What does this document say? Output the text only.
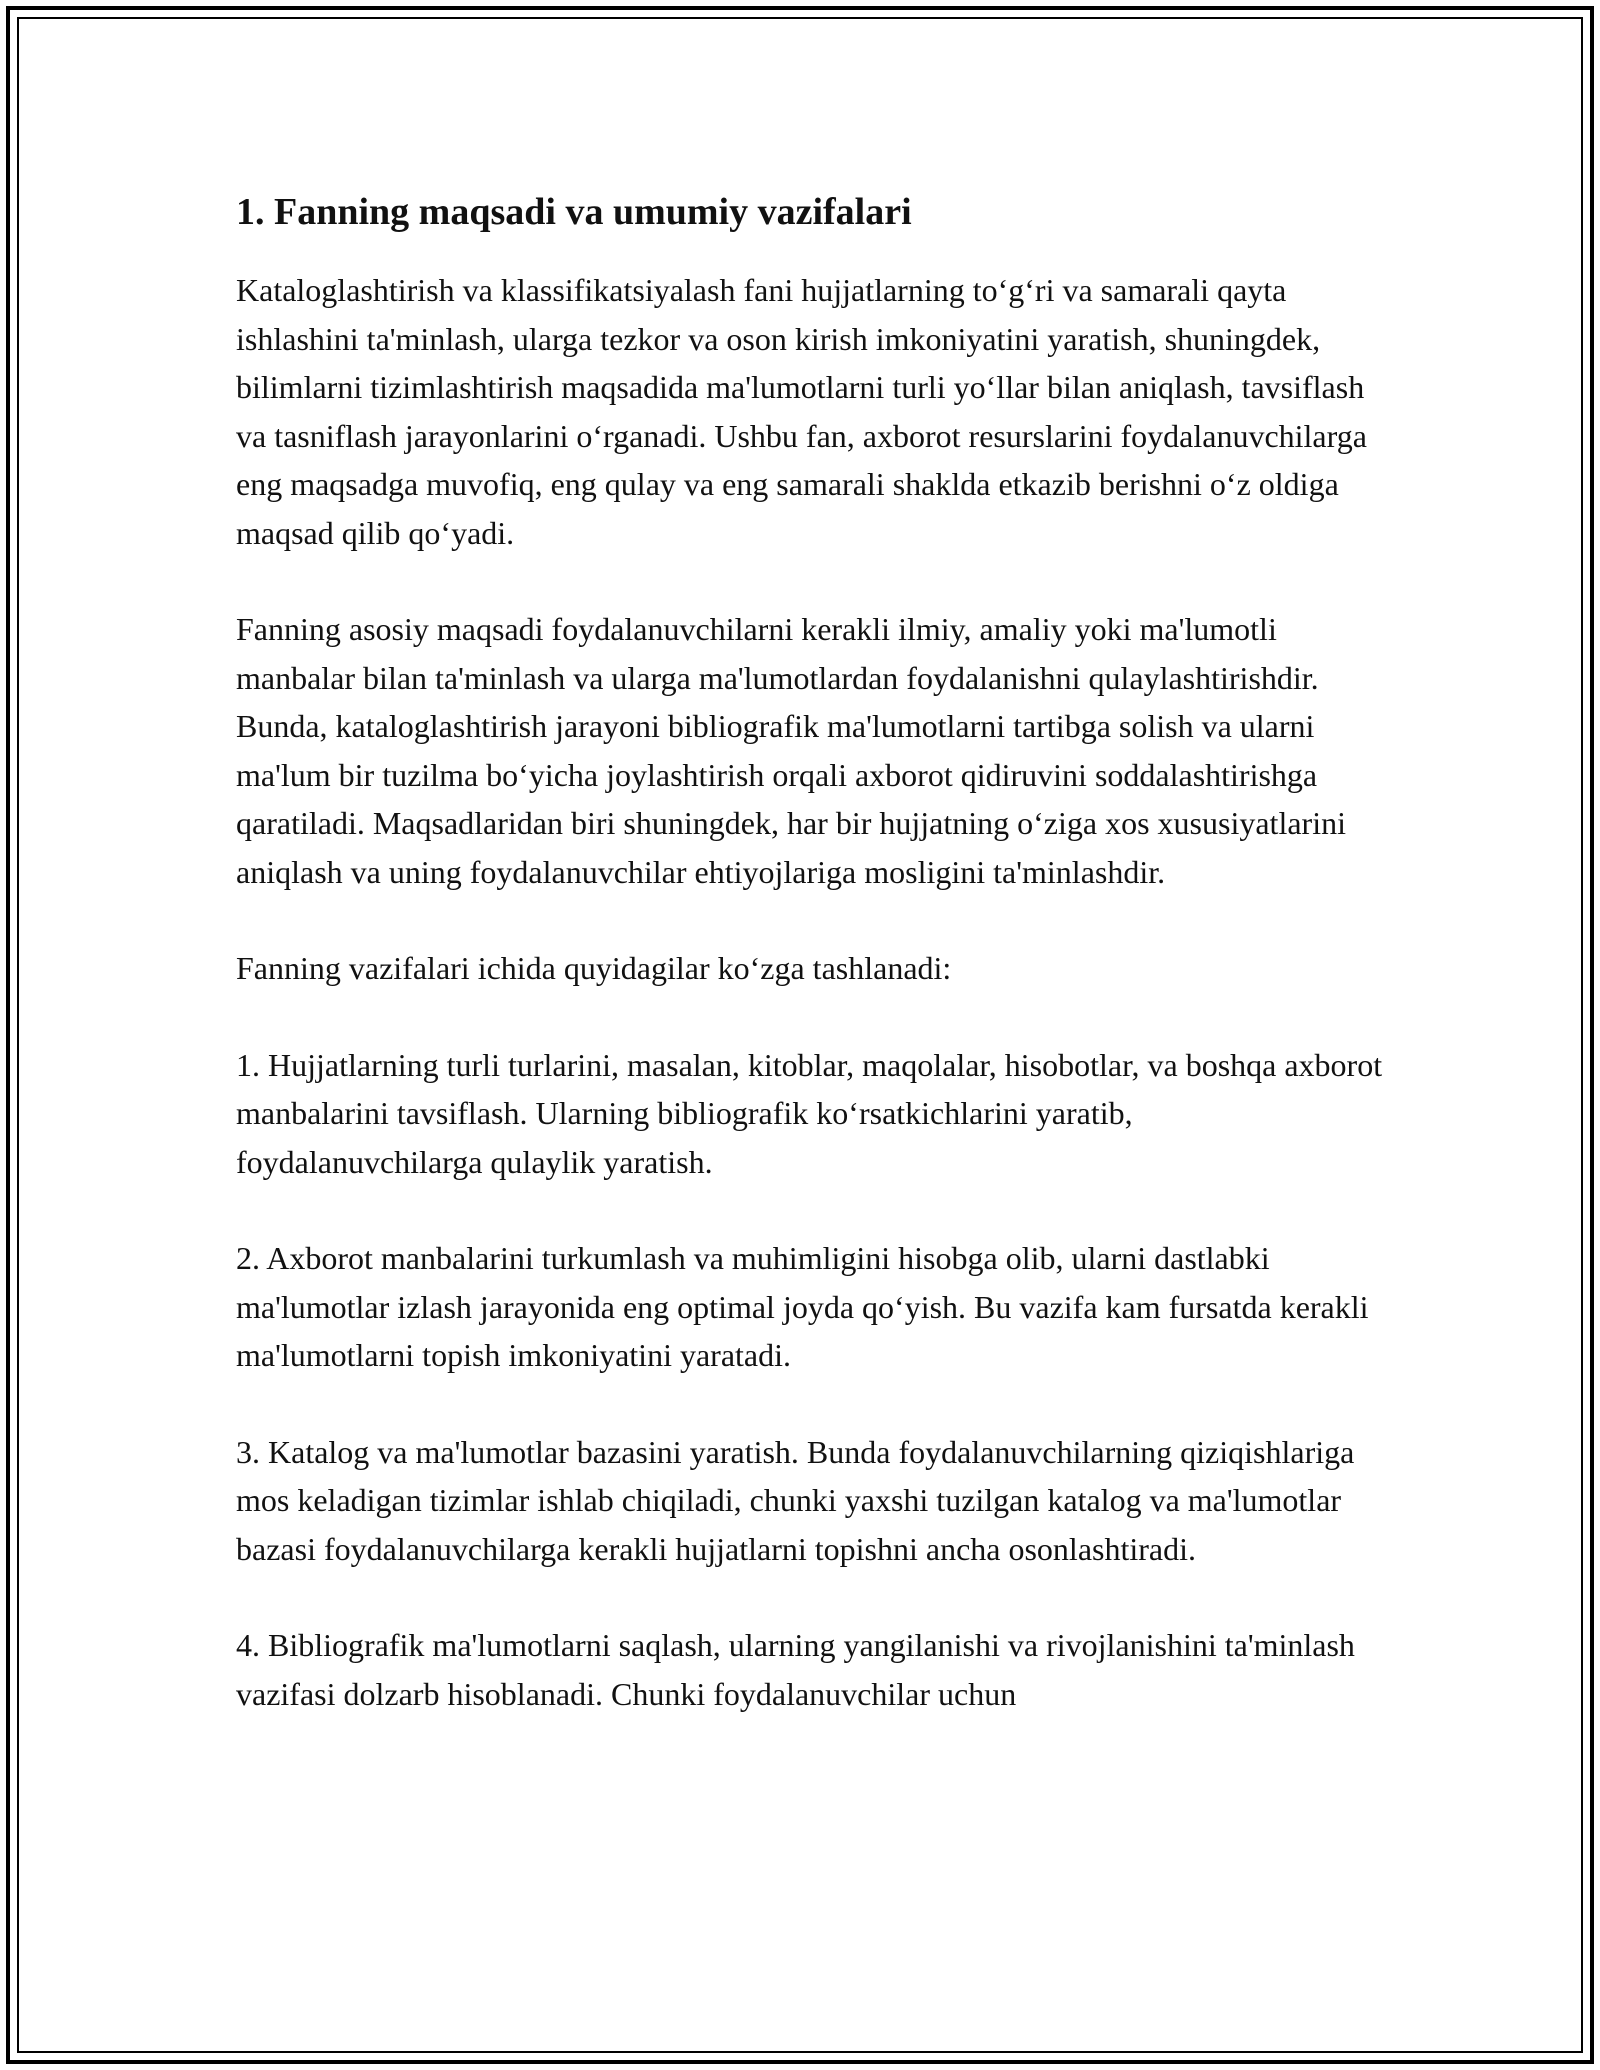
1. Fanning maqsadi va umumiy vazifalari

Kataloglashtirish va klassifikatsiyalash fani hujjatlarning to‘g‘ri va samarali qayta ishlashini ta'minlash, ularga tezkor va oson kirish imkoniyatini yaratish, shuningdek, bilimlarni tizimlashtirish maqsadida ma'lumotlarni turli yo‘llar bilan aniqlash, tavsiflash va tasniflash jarayonlarini o‘rganadi. Ushbu fan, axborot resurslarini foydalanuvchilarga eng maqsadga muvofiq, eng qulay va eng samarali shaklda etkazib berishni o‘z oldiga maqsad qilib qo‘yadi.

Fanning asosiy maqsadi foydalanuvchilarni kerakli ilmiy, amaliy yoki ma'lumotli manbalar bilan ta'minlash va ularga ma'lumotlardan foydalanishni qulaylashtirishdir. Bunda, kataloglashtirish jarayoni bibliografik ma'lumotlarni tartibga solish va ularni ma'lum bir tuzilma bo‘yicha joylashtirish orqali axborot qidiruvini soddalashtirishga qaratiladi. Maqsadlaridan biri shuningdek, har bir hujjatning o‘ziga xos xususiyatlarini aniqlash va uning foydalanuvchilar ehtiyojlariga mosligini ta'minlashdir.

Fanning vazifalari ichida quyidagilar ko‘zga tashlanadi:

1. Hujjatlarning turli turlarini, masalan, kitoblar, maqolalar, hisobotlar, va boshqa axborot manbalarini tavsiflash. Ularning bibliografik ko‘rsatkichlarini yaratib, foydalanuvchilarga qulaylik yaratish.

2. Axborot manbalarini turkumlash va muhimligini hisobga olib, ularni dastlabki ma'lumotlar izlash jarayonida eng optimal joyda qo‘yish. Bu vazifa kam fursatda kerakli ma'lumotlarni topish imkoniyatini yaratadi.

3. Katalog va ma'lumotlar bazasini yaratish. Bunda foydalanuvchilarning qiziqishlariga mos keladigan tizimlar ishlab chiqiladi, chunki yaxshi tuzilgan katalog va ma'lumotlar bazasi foydalanuvchilarga kerakli hujjatlarni topishni ancha osonlashtiradi.

4. Bibliografik ma'lumotlarni saqlash, ularning yangilanishi va rivojlanishini ta'minlash vazifasi dolzarb hisoblanadi. Chunki foydalanuvchilar uchun
